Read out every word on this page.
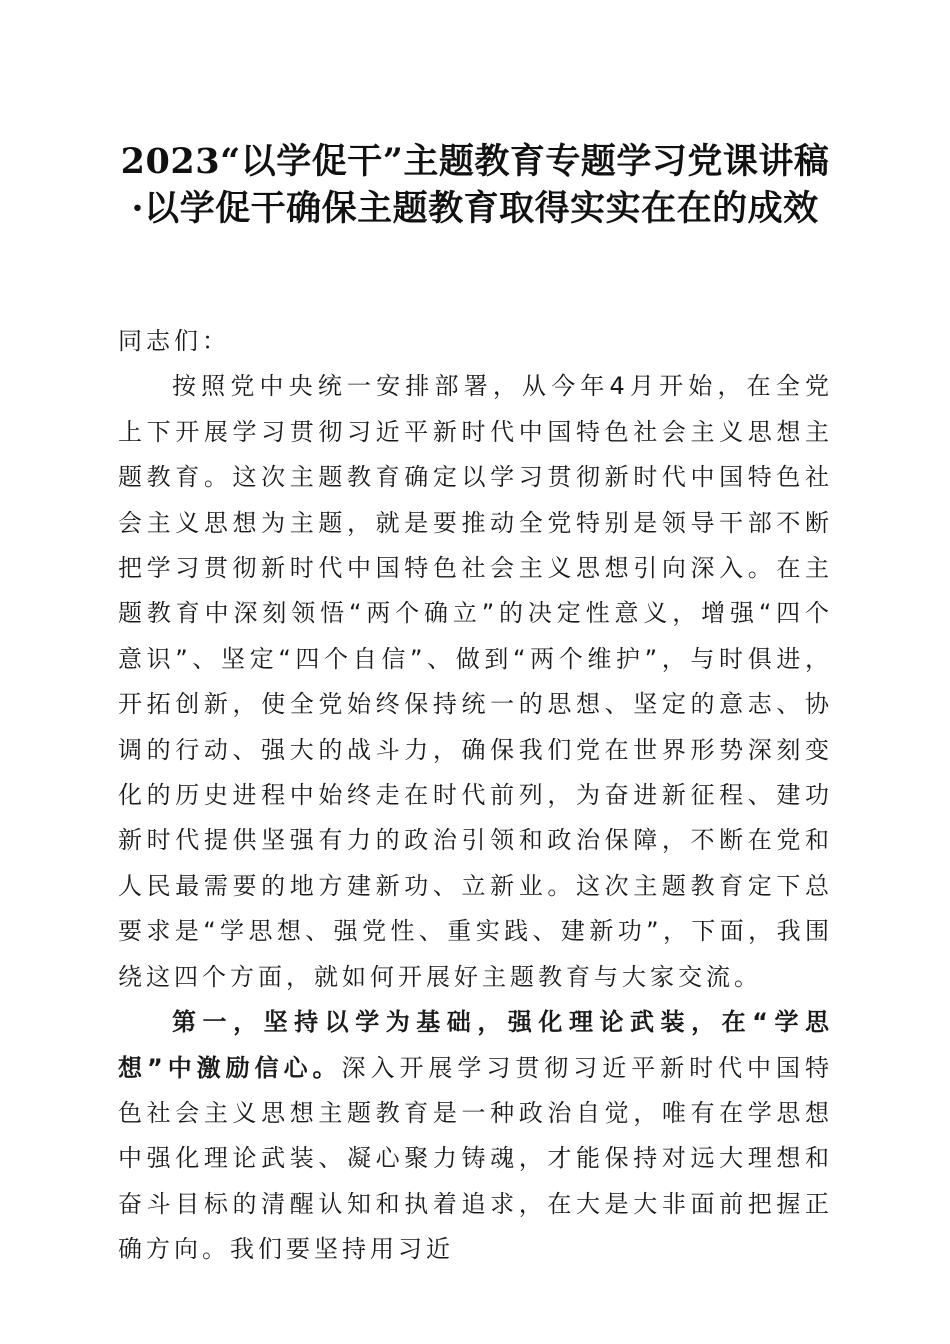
2023“以学促干”主题教育专题学习党课讲稿·以学促干确保主题教育取得实实在在的成效

同志们：

按照党中央统一安排部署，从今年4月开始，在全党上下开展学习贯彻习近平新时代中国特色社会主义思想主题教育。这次主题教育确定以学习贯彻新时代中国特色社会主义思想为主题，就是要推动全党特别是领导干部不断把学习贯彻新时代中国特色社会主义思想引向深入。在主题教育中深刻领悟“两个确立”的决定性意义，增强“四个意识”、坚定“四个自信”、做到“两个维护”，与时俱进，开拓创新，使全党始终保持统一的思想、坚定的意志、协调的行动、强大的战斗力，确保我们党在世界形势深刻变化的历史进程中始终走在时代前列，为奋进新征程、建功新时代提供坚强有力的政治引领和政治保障，不断在党和人民最需要的地方建新功、立新业。这次主题教育定下总要求是“学思想、强党性、重实践、建新功”，下面，我围绕这四个方面，就如何开展好主题教育与大家交流。

第一，坚持以学为基础，强化理论武装，在“学思想”中激励信心。深入开展学习贯彻习近平新时代中国特色社会主义思想主题教育是一种政治自觉，唯有在学思想中强化理论武装、凝心聚力铸魂，才能保持对远大理想和奋斗目标的清醒认知和执着追求，在大是大非面前把握正确方向。我们要坚持用习近
